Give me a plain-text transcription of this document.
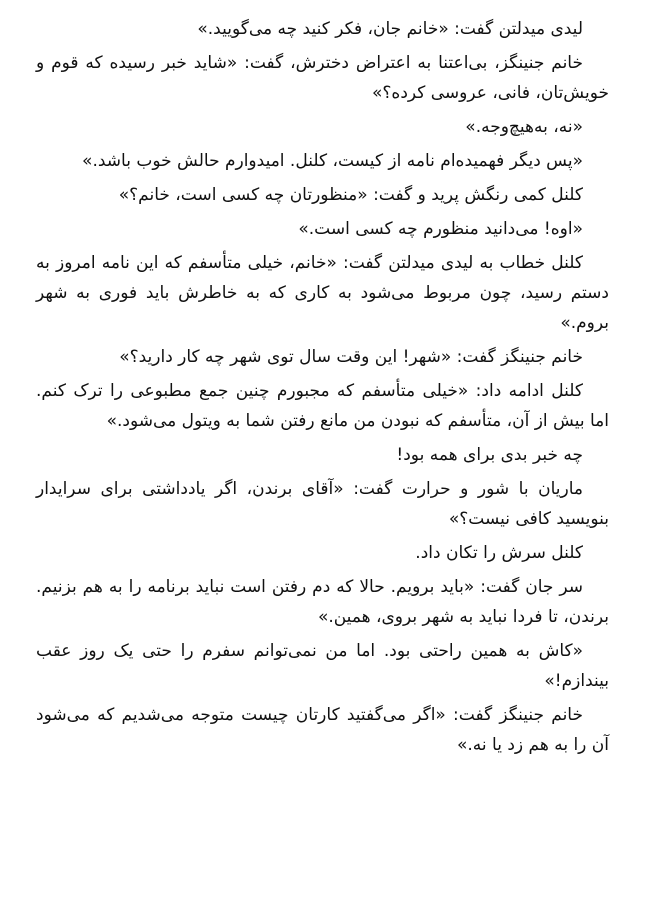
لیدی میدلتن گفت: «خانم جان، فکر کنید چه می‌گویید.»

خانم جنینگز، بی‌اعتنا به اعتراض دخترش، گفت: «شاید خبر رسیده که قوم و خویش‌تان، فانی، عروسی کرده؟»

«نه، به‌هیچ‌وجه.»

«پس دیگر فهمیده‌ام نامه از کیست، کلنل. امیدوارم حالش خوب باشد.»

کلنل کمی رنگش پرید و گفت: «منظورتان چه کسی است، خانم؟»

«اوه! می‌دانید منظورم چه کسی است.»

کلنل خطاب به لیدی میدلتن گفت: «خانم، خیلی متأسفم که این نامه امروز به دستم رسید، چون مربوط می‌شود به کاری که به خاطرش باید فوری به شهر بروم.»

خانم جنینگز گفت: «شهر! این وقت سال توی شهر چه کار دارید؟»

کلنل ادامه داد: «خیلی متأسفم که مجبورم چنین جمع مطبوعی را ترک کنم. اما بیش از آن، متأسفم که نبودن من مانع رفتن شما به ویتول می‌شود.»

چه خبر بدی برای همه بود!

ماریان با شور و حرارت گفت: «آقای برندن، اگر یادداشتی برای سرایدار بنویسید کافی نیست؟»

کلنل سرش را تکان داد.

سر جان گفت: «باید برویم. حالا که دم رفتن است نباید برنامه را به هم بزنیم. برندن، تا فردا نباید به شهر بروی، همین.»

«کاش به همین راحتی بود. اما من نمی‌توانم سفرم را حتی یک روز عقب بیندازم!»

خانم جنینگز گفت: «اگر می‌گفتید کارتان چیست متوجه می‌شدیم که می‌شود آن را به هم زد یا نه.»
